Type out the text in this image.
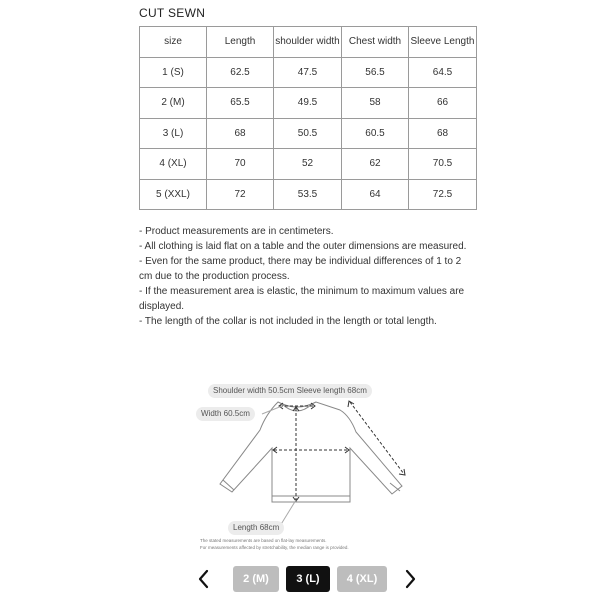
CUT SEWN
size	Length	shoulder width	Chest width	Sleeve Length
1 (S)	62.5	47.5	56.5	64.5
2 (M)	65.5	49.5	58	66
3 (L)	68	50.5	60.5	68
4 (XL)	70	52	62	70.5
5 (XXL)	72	53.5	64	72.5
- Product measurements are in centimeters.
- All clothing is laid flat on a table and the outer dimensions are measured.
- Even for the same product, there may be individual differences of 1 to 2
cm due to the production process.
- If the measurement area is elastic, the minimum to maximum values are
displayed.
- The length of the collar is not included in the length or total length.
Shoulder width 50.5cm Sleeve length 68cm
Width 60.5cm
Length 68cm
The stated measurements are based on flat-lay measurements.
For measurements affected by stretchability, the median range is provided.
2 (M)	3 (L)	4 (XL)
